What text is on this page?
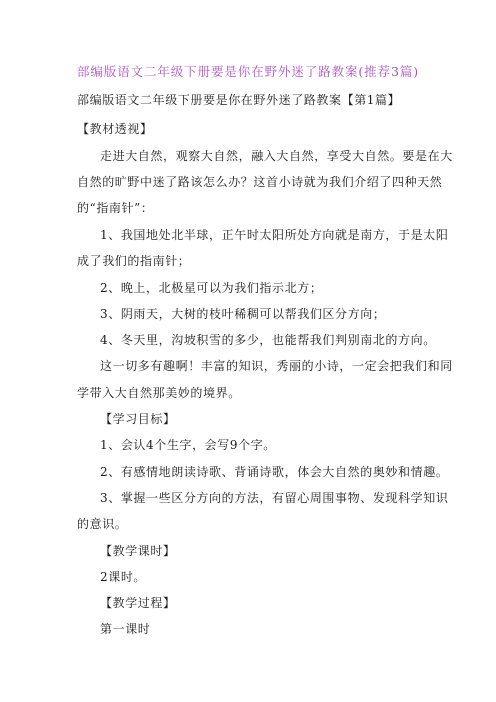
部编版语文二年级下册要是你在野外迷了路教案(推荐3篇)
部编版语文二年级下册要是你在野外迷了路教案【第1篇】
【教材透视】
走进大自然，观察大自然，融入大自然，享受大自然。要是在大
自然的旷野中迷了路该怎么办？这首小诗就为我们介绍了四种天然
的“指南针”：
1、我国地处北半球，正午时太阳所处方向就是南方，于是太阳
成了我们的指南针；
2、晚上，北极星可以为我们指示北方；
3、阴雨天，大树的枝叶稀稠可以帮我们区分方向；
4、冬天里，沟坡积雪的多少，也能帮我们判别南北的方向。
这一切多有趣啊！丰富的知识，秀丽的小诗，一定会把我们和同
学带入大自然那美妙的境界。
【学习目标】
1、会认4个生字，会写9个字。
2、有感情地朗读诗歌、背诵诗歌，体会大自然的奥妙和情趣。
3、掌握一些区分方向的方法，有留心周围事物、发现科学知识
的意识。
【教学课时】
2课时。
【教学过程】
第一课时
